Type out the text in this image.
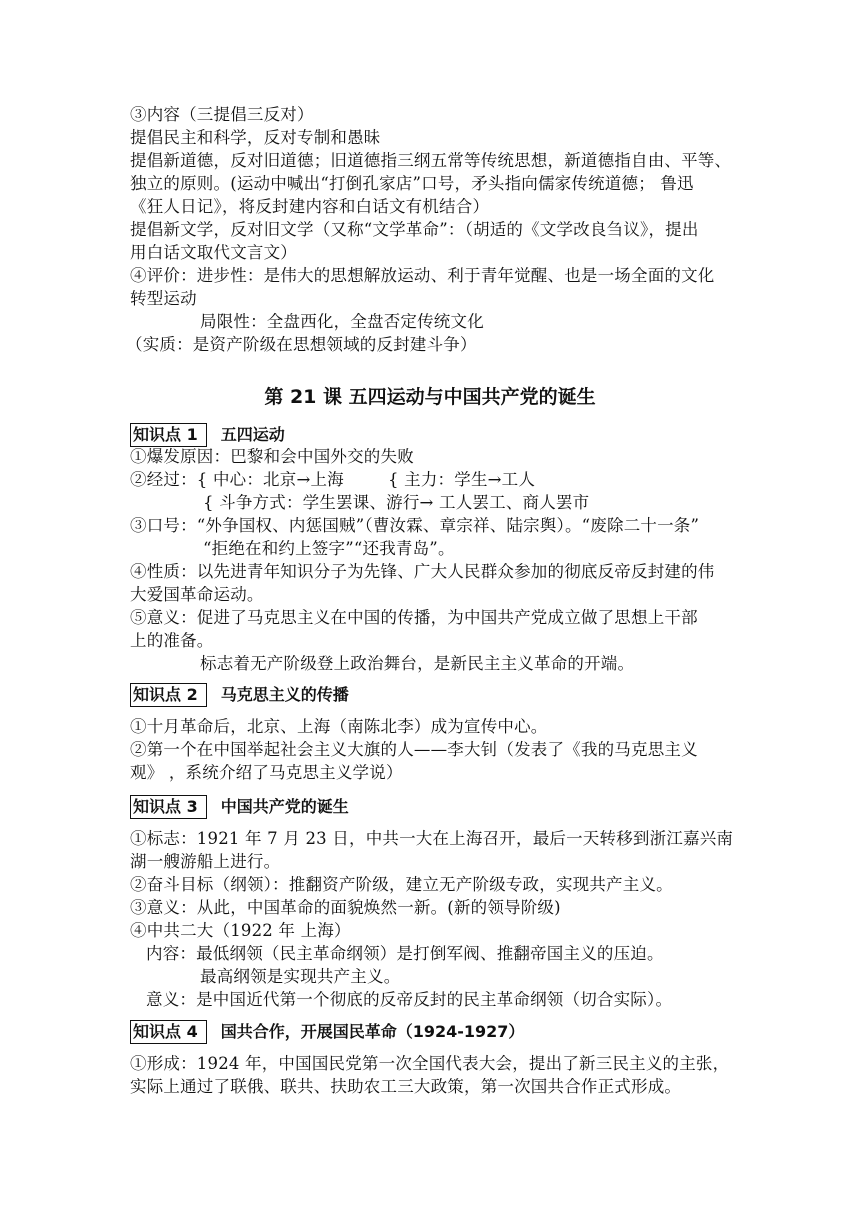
③内容（三提倡三反对）
提倡民主和科学，反对专制和愚昧
提倡新道德，反对旧道德；旧道德指三纲五常等传统思想，新道德指自由、平等、
独立的原则。(运动中喊出“打倒孔家店”口号，矛头指向儒家传统道德； 鲁迅
《狂人日记》，将反封建内容和白话文有机结合）
提倡新文学，反对旧文学（又称“文学革命”：（胡适的《文学改良刍议》，提出
用白话文取代文言文）
④评价：进步性：是伟大的思想解放运动、利于青年觉醒、也是一场全面的文化
转型运动
局限性：全盘西化，全盘否定传统文化
（实质：是资产阶级在思想领域的反封建斗争）
第 21 课 五四运动与中国共产党的诞生
知识点 1 五四运动
①爆发原因：巴黎和会中国外交的失败
②经过：{ 中心：北京→上海	{ 主力：学生→工人
{ 斗争方式：学生罢课、游行→ 工人罢工、商人罢市
③口号：“外争国权、内惩国贼”（曹汝霖、章宗祥、陆宗舆）。“废除二十一条”
“拒绝在和约上签字”“还我青岛”。
④性质：以先进青年知识分子为先锋、广大人民群众参加的彻底反帝反封建的伟
大爱国革命运动。
⑤意义：促进了马克思主义在中国的传播，为中国共产党成立做了思想上干部
上的准备。
标志着无产阶级登上政治舞台，是新民主主义革命的开端。
知识点 2 马克思主义的传播
①十月革命后，北京、上海（南陈北李）成为宣传中心。
②第一个在中国举起社会主义大旗的人——李大钊（发表了《我的马克思主义
观》 ，系统介绍了马克思主义学说）
知识点 3 中国共产党的诞生
①标志：1921 年 7 月 23 日，中共一大在上海召开，最后一天转移到浙江嘉兴南
湖一艘游船上进行。
②奋斗目标（纲领）：推翻资产阶级，建立无产阶级专政，实现共产主义。
③意义：从此，中国革命的面貌焕然一新。(新的领导阶级)
④中共二大（1922 年 上海）
内容：最低纲领（民主革命纲领）是打倒军阀、推翻帝国主义的压迫。
最高纲领是实现共产主义。
意义：是中国近代第一个彻底的反帝反封的民主革命纲领（切合实际）。
知识点 4 国共合作，开展国民革命（1924-1927）
①形成：1924 年，中国国民党第一次全国代表大会，提出了新三民主义的主张，
实际上通过了联俄、联共、扶助农工三大政策，第一次国共合作正式形成。
